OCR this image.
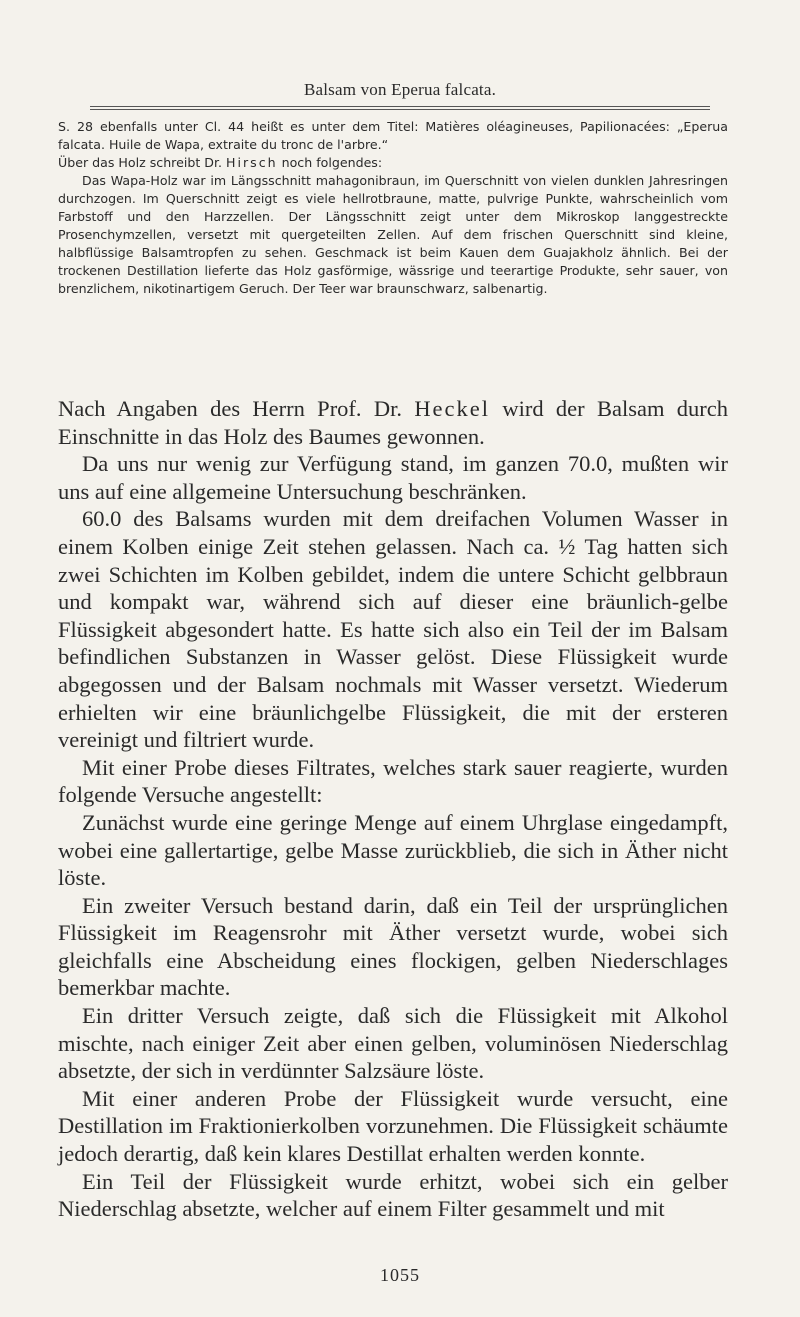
Balsam von Eperua falcata.

S. 28 ebenfalls unter Cl. 44 heißt es unter dem Titel: Matières oléagineuses, Papilionacées: „Eperua falcata. Huile de Wapa, extraite du tronc de l'arbre.“

Über das Holz schreibt Dr. Hirsch noch folgendes:

Das Wapa-Holz war im Längsschnitt mahagonibraun, im Querschnitt von vielen dunklen Jahresringen durchzogen. Im Querschnitt zeigt es viele hellrotbraune, matte, pulvrige Punkte, wahrscheinlich vom Farbstoff und den Harzzellen. Der Längsschnitt zeigt unter dem Mikroskop langgestreckte Prosenchymzellen, versetzt mit quergeteilten Zellen. Auf dem frischen Querschnitt sind kleine, halbflüssige Balsamtropfen zu sehen. Geschmack ist beim Kauen dem Guajakholz ähnlich. Bei der trockenen Destillation lieferte das Holz gasförmige, wässrige und teerartige Produkte, sehr sauer, von brenzlichem, nikotinartigem Geruch. Der Teer war braunschwarz, salbenartig.

Nach Angaben des Herrn Prof. Dr. Heckel wird der Balsam durch Einschnitte in das Holz des Baumes gewonnen.

Da uns nur wenig zur Verfügung stand, im ganzen 70.0, mußten wir uns auf eine allgemeine Untersuchung beschränken.

60.0 des Balsams wurden mit dem dreifachen Volumen Wasser in einem Kolben einige Zeit stehen gelassen. Nach ca. ½ Tag hatten sich zwei Schichten im Kolben gebildet, indem die untere Schicht gelbbraun und kompakt war, während sich auf dieser eine bräunlich-gelbe Flüssigkeit abgesondert hatte. Es hatte sich also ein Teil der im Balsam befindlichen Substanzen in Wasser gelöst. Diese Flüssigkeit wurde abgegossen und der Balsam nochmals mit Wasser versetzt. Wiederum erhielten wir eine bräunlichgelbe Flüssigkeit, die mit der ersteren vereinigt und filtriert wurde.

Mit einer Probe dieses Filtrates, welches stark sauer reagierte, wurden folgende Versuche angestellt:

Zunächst wurde eine geringe Menge auf einem Uhrglase eingedampft, wobei eine gallertartige, gelbe Masse zurückblieb, die sich in Äther nicht löste.

Ein zweiter Versuch bestand darin, daß ein Teil der ursprünglichen Flüssigkeit im Reagensrohr mit Äther versetzt wurde, wobei sich gleichfalls eine Abscheidung eines flockigen, gelben Niederschlages bemerkbar machte.

Ein dritter Versuch zeigte, daß sich die Flüssigkeit mit Alkohol mischte, nach einiger Zeit aber einen gelben, voluminösen Niederschlag absetzte, der sich in verdünnter Salzsäure löste.

Mit einer anderen Probe der Flüssigkeit wurde versucht, eine Destillation im Fraktionierkolben vorzunehmen. Die Flüssigkeit schäumte jedoch derartig, daß kein klares Destillat erhalten werden konnte.

Ein Teil der Flüssigkeit wurde erhitzt, wobei sich ein gelber Niederschlag absetzte, welcher auf einem Filter gesammelt und mit

1055
